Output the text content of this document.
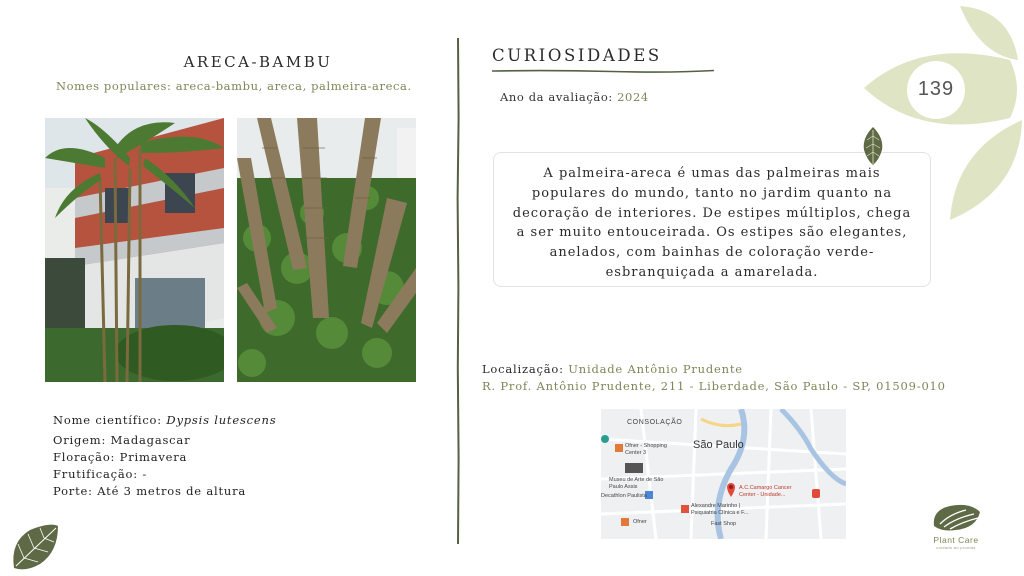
ARECA-BAMBU
Nomes populares: areca-bambu, areca, palmeira-areca.
Nome científico: Dypsis lutescens
Origem: Madagascar
Floração: Primavera
Frutificação: -
Porte: Até 3 metros de altura
CURIOSIDADES
Ano da avaliação: 2024

A palmeira-areca é umas das palmeiras mais populares do mundo, tanto no jardim quanto na decoração de interiores. De estipes múltiplos, chega a ser muito entouceirada. Os estipes são elegantes, anelados, com bainhas de coloração verde-esbranquiçada a amarelada.

Localização: Unidade Antônio Prudente
R. Prof. Antônio Prudente, 211 - Liberdade, São Paulo - SP, 01509-010
CONSOLAÇÃO
São Paulo
Ofner - Shopping Center 3
Museu de Arte de São Paulo Assis
Decathlon Paulista
A.C.Camargo Cancer Center - Unidade...
Alexandre Marinho | Psiquiatria Clínica e F...
Ofner	Fast Shop
139
Plant Care
cuidado ao prontas
